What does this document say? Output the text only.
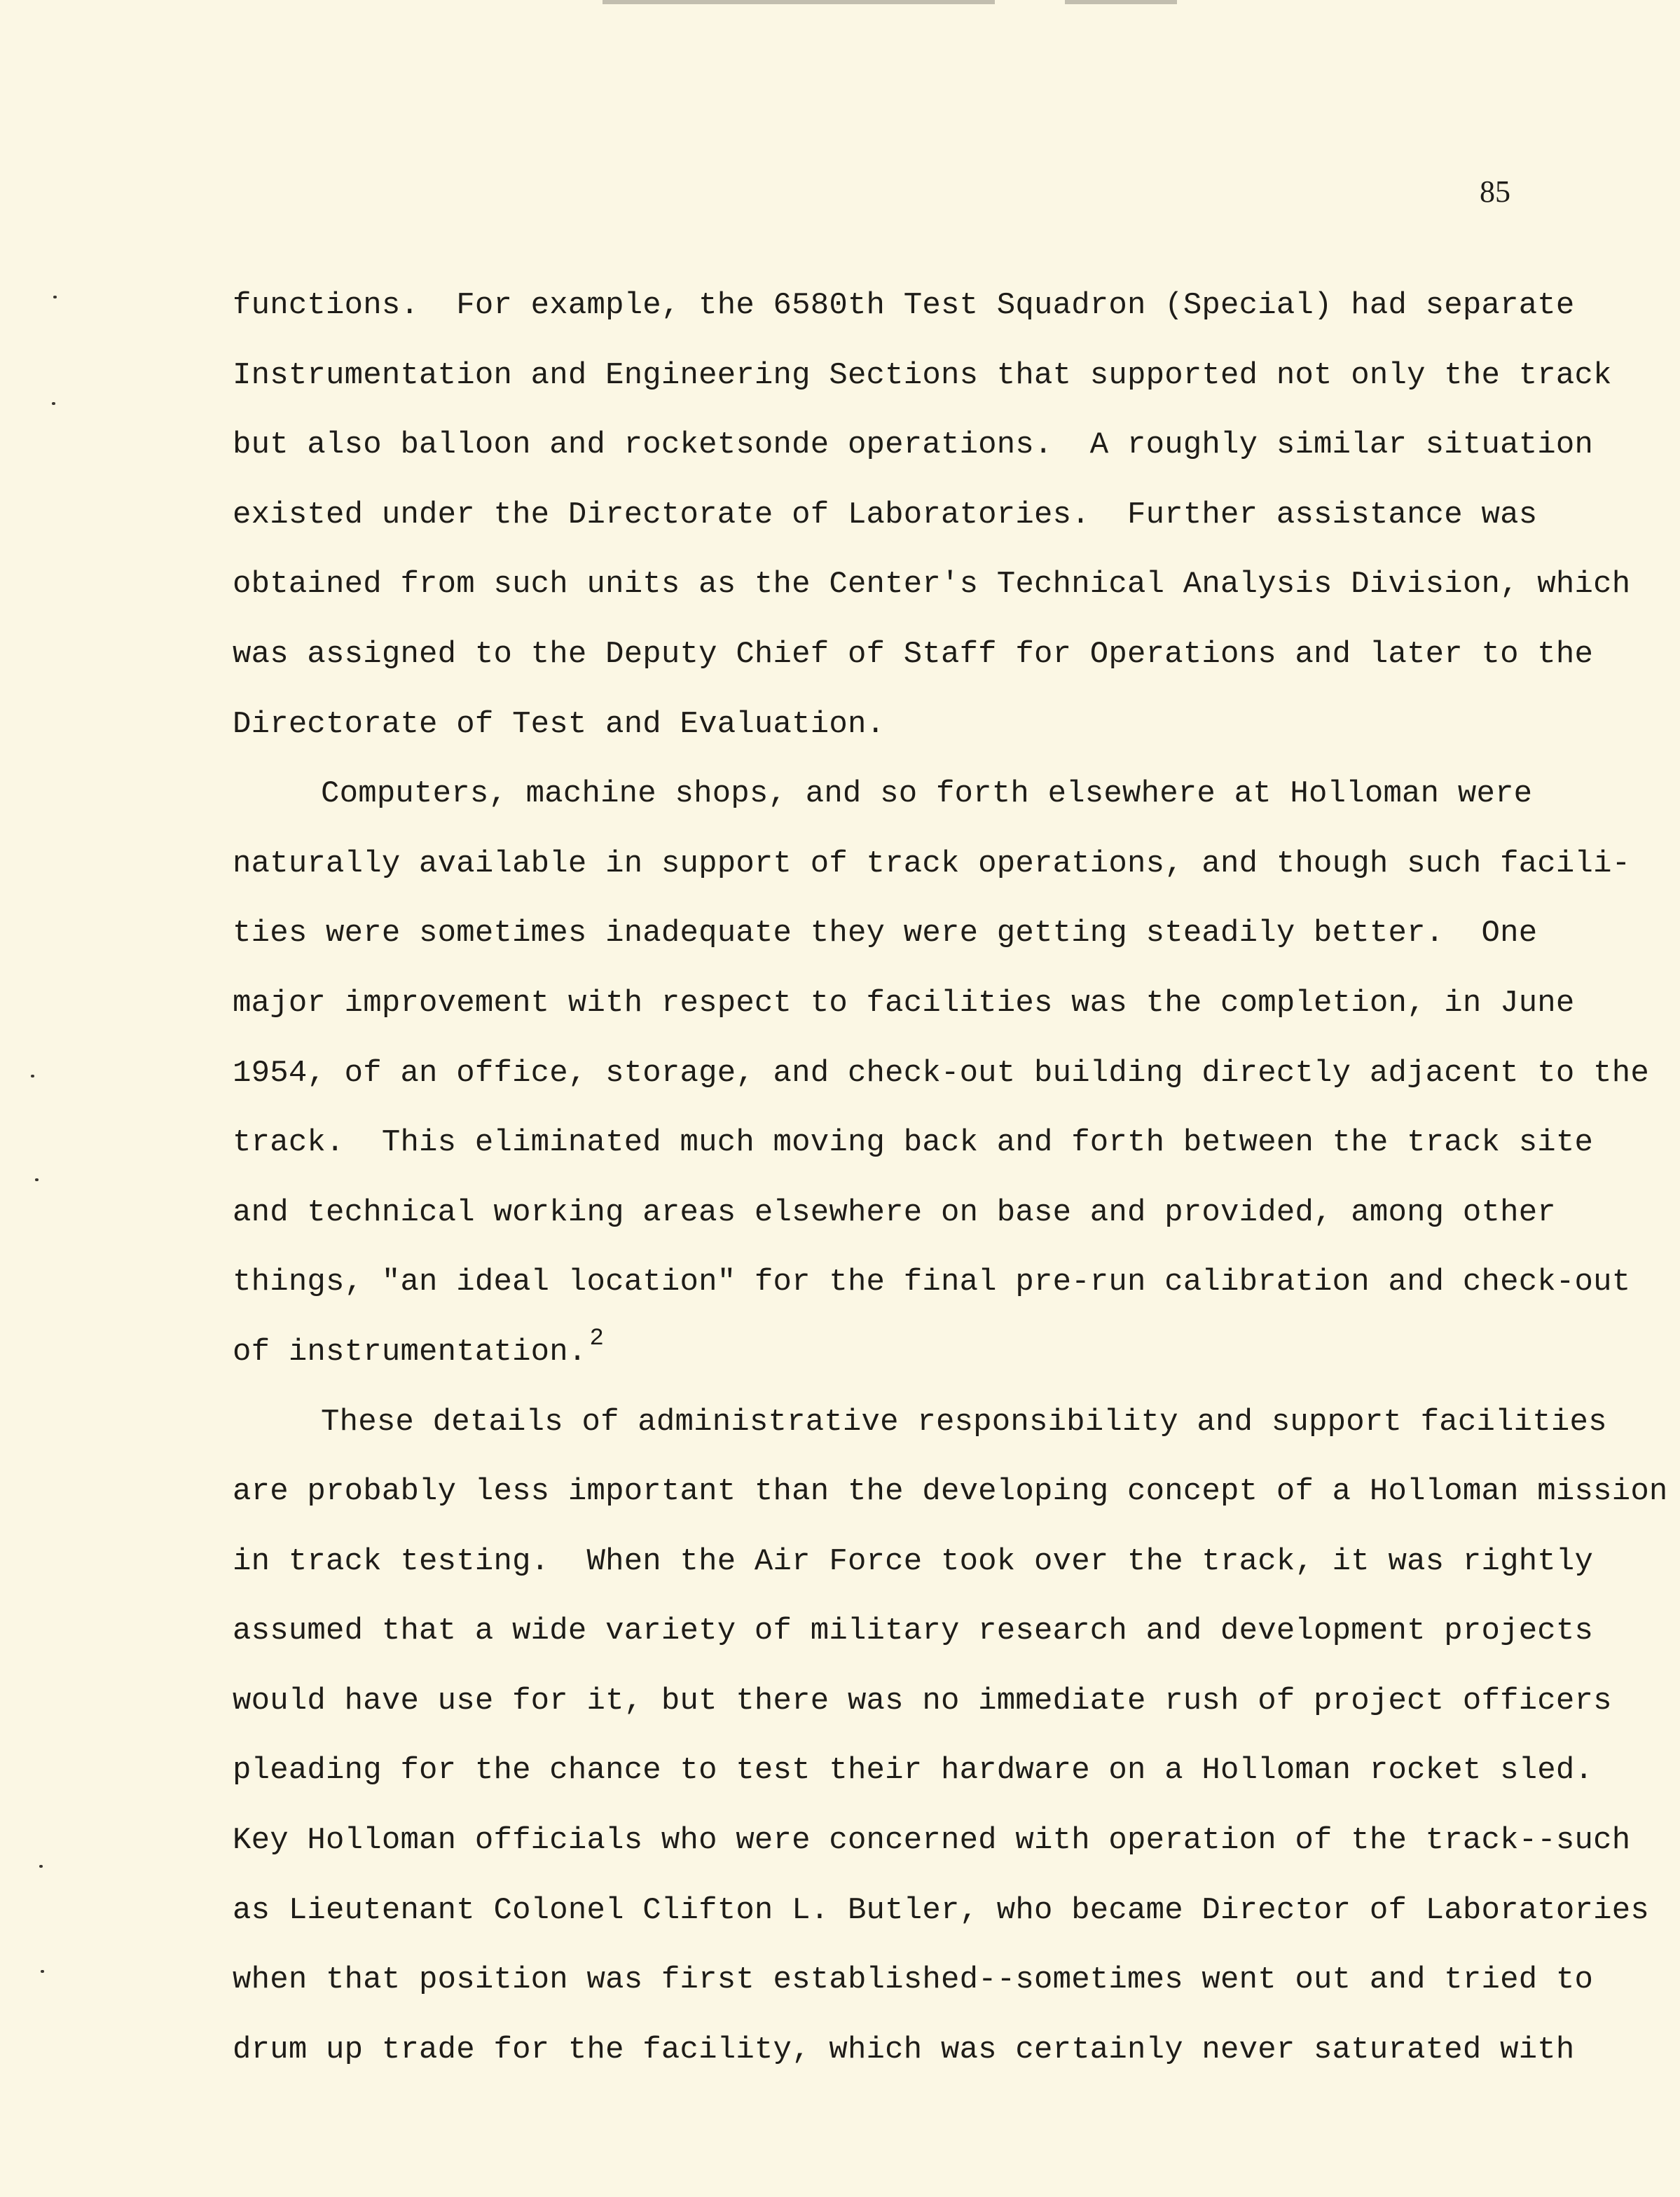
85
functions.  For example, the 6580th Test Squadron (Special) had separate
Instrumentation and Engineering Sections that supported not only the track
but also balloon and rocketsonde operations.  A roughly similar situation
existed under the Directorate of Laboratories.  Further assistance was
obtained from such units as the Center's Technical Analysis Division, which
was assigned to the Deputy Chief of Staff for Operations and later to the
Directorate of Test and Evaluation.
Computers, machine shops, and so forth elsewhere at Holloman were
naturally available in support of track operations, and though such facili-
ties were sometimes inadequate they were getting steadily better.  One
major improvement with respect to facilities was the completion, in June
1954, of an office, storage, and check-out building directly adjacent to the
track.  This eliminated much moving back and forth between the track site
and technical working areas elsewhere on base and provided, among other
things, "an ideal location" for the final pre-run calibration and check-out
of instrumentation. $^2$
These details of administrative responsibility and support facilities
are probably less important than the developing concept of a Holloman mission
in track testing.  When the Air Force took over the track, it was rightly
assumed that a wide variety of military research and development projects
would have use for it, but there was no immediate rush of project officers
pleading for the chance to test their hardware on a Holloman rocket sled.
Key Holloman officials who were concerned with operation of the track--such
as Lieutenant Colonel Clifton L. Butler, who became Director of Laboratories
when that position was first established--sometimes went out and tried to
drum up trade for the facility, which was certainly never saturated with
